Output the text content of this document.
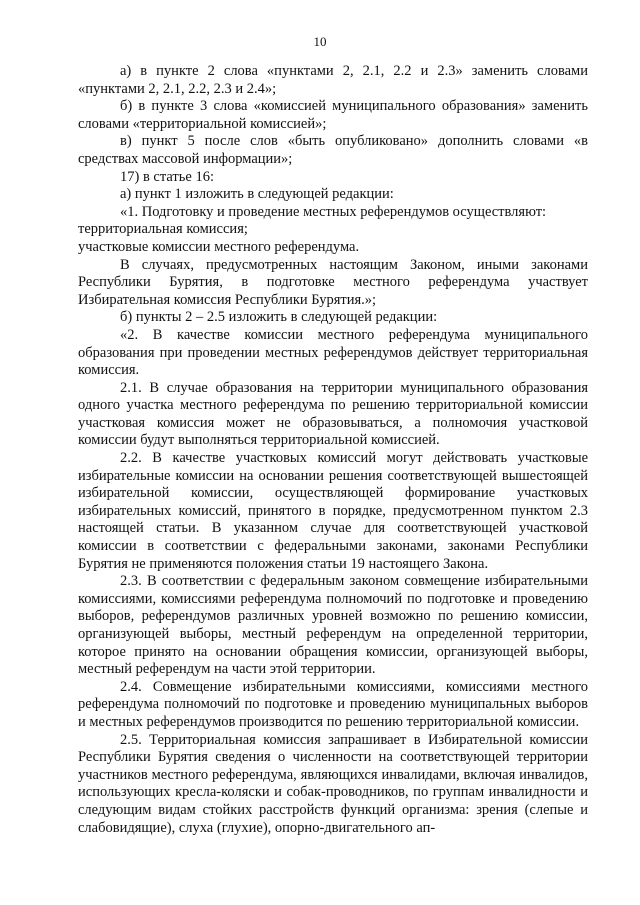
10

а) в пункте 2 слова «пунктами 2, 2.1, 2.2 и 2.3» заменить словами «пунктами 2, 2.1, 2.2, 2.3 и 2.4»;

б) в пункте 3 слова «комиссией муниципального образования» заменить словами «территориальной комиссией»;

в) пункт 5 после слов «быть опубликовано» дополнить словами «в средствах массовой информации»;

17) в статье 16:

а) пункт 1 изложить в следующей редакции:

«1. Подготовку и проведение местных референдумов осуществляют:

территориальная комиссия;

участковые комиссии местного референдума.

В случаях, предусмотренных настоящим Законом, иными законами Республики Бурятия, в подготовке местного референдума участвует Избирательная комиссия Республики Бурятия.»;

б) пункты 2 – 2.5 изложить в следующей редакции:

«2. В качестве комиссии местного референдума муниципального образования при проведении местных референдумов действует территориальная комиссия.

2.1. В случае образования на территории муниципального образования одного участка местного референдума по решению территориальной комиссии участковая комиссия может не образовываться, а полномочия участковой комиссии будут выполняться территориальной комиссией.

2.2. В качестве участковых комиссий могут действовать участковые избирательные комиссии на основании решения соответствующей вышестоящей избирательной комиссии, осуществляющей формирование участковых избирательных комиссий, принятого в порядке, предусмотренном пунктом 2.3 настоящей статьи. В указанном случае для соответствующей участковой комиссии в соответствии с федеральными законами, законами Республики Бурятия не применяются положения статьи 19 настоящего Закона.

2.3. В соответствии с федеральным законом совмещение избирательными комиссиями, комиссиями референдума полномочий по подготовке и проведению выборов, референдумов различных уровней возможно по решению комиссии, организующей выборы, местный референдум на определенной территории, которое принято на основании обращения комиссии, организующей выборы, местный референдум на части этой территории.

2.4. Совмещение избирательными комиссиями, комиссиями местного референдума полномочий по подготовке и проведению муниципальных выборов и местных референдумов производится по решению территориальной комиссии.

2.5. Территориальная комиссия запрашивает в Избирательной комиссии Республики Бурятия сведения о численности на соответствующей территории участников местного референдума, являющихся инвалидами, включая инвалидов, использующих кресла-коляски и собак-проводников, по группам инвалидности и следующим видам стойких расстройств функций организма: зрения (слепые и слабовидящие), слуха (глухие), опорно-двигательного ап-
